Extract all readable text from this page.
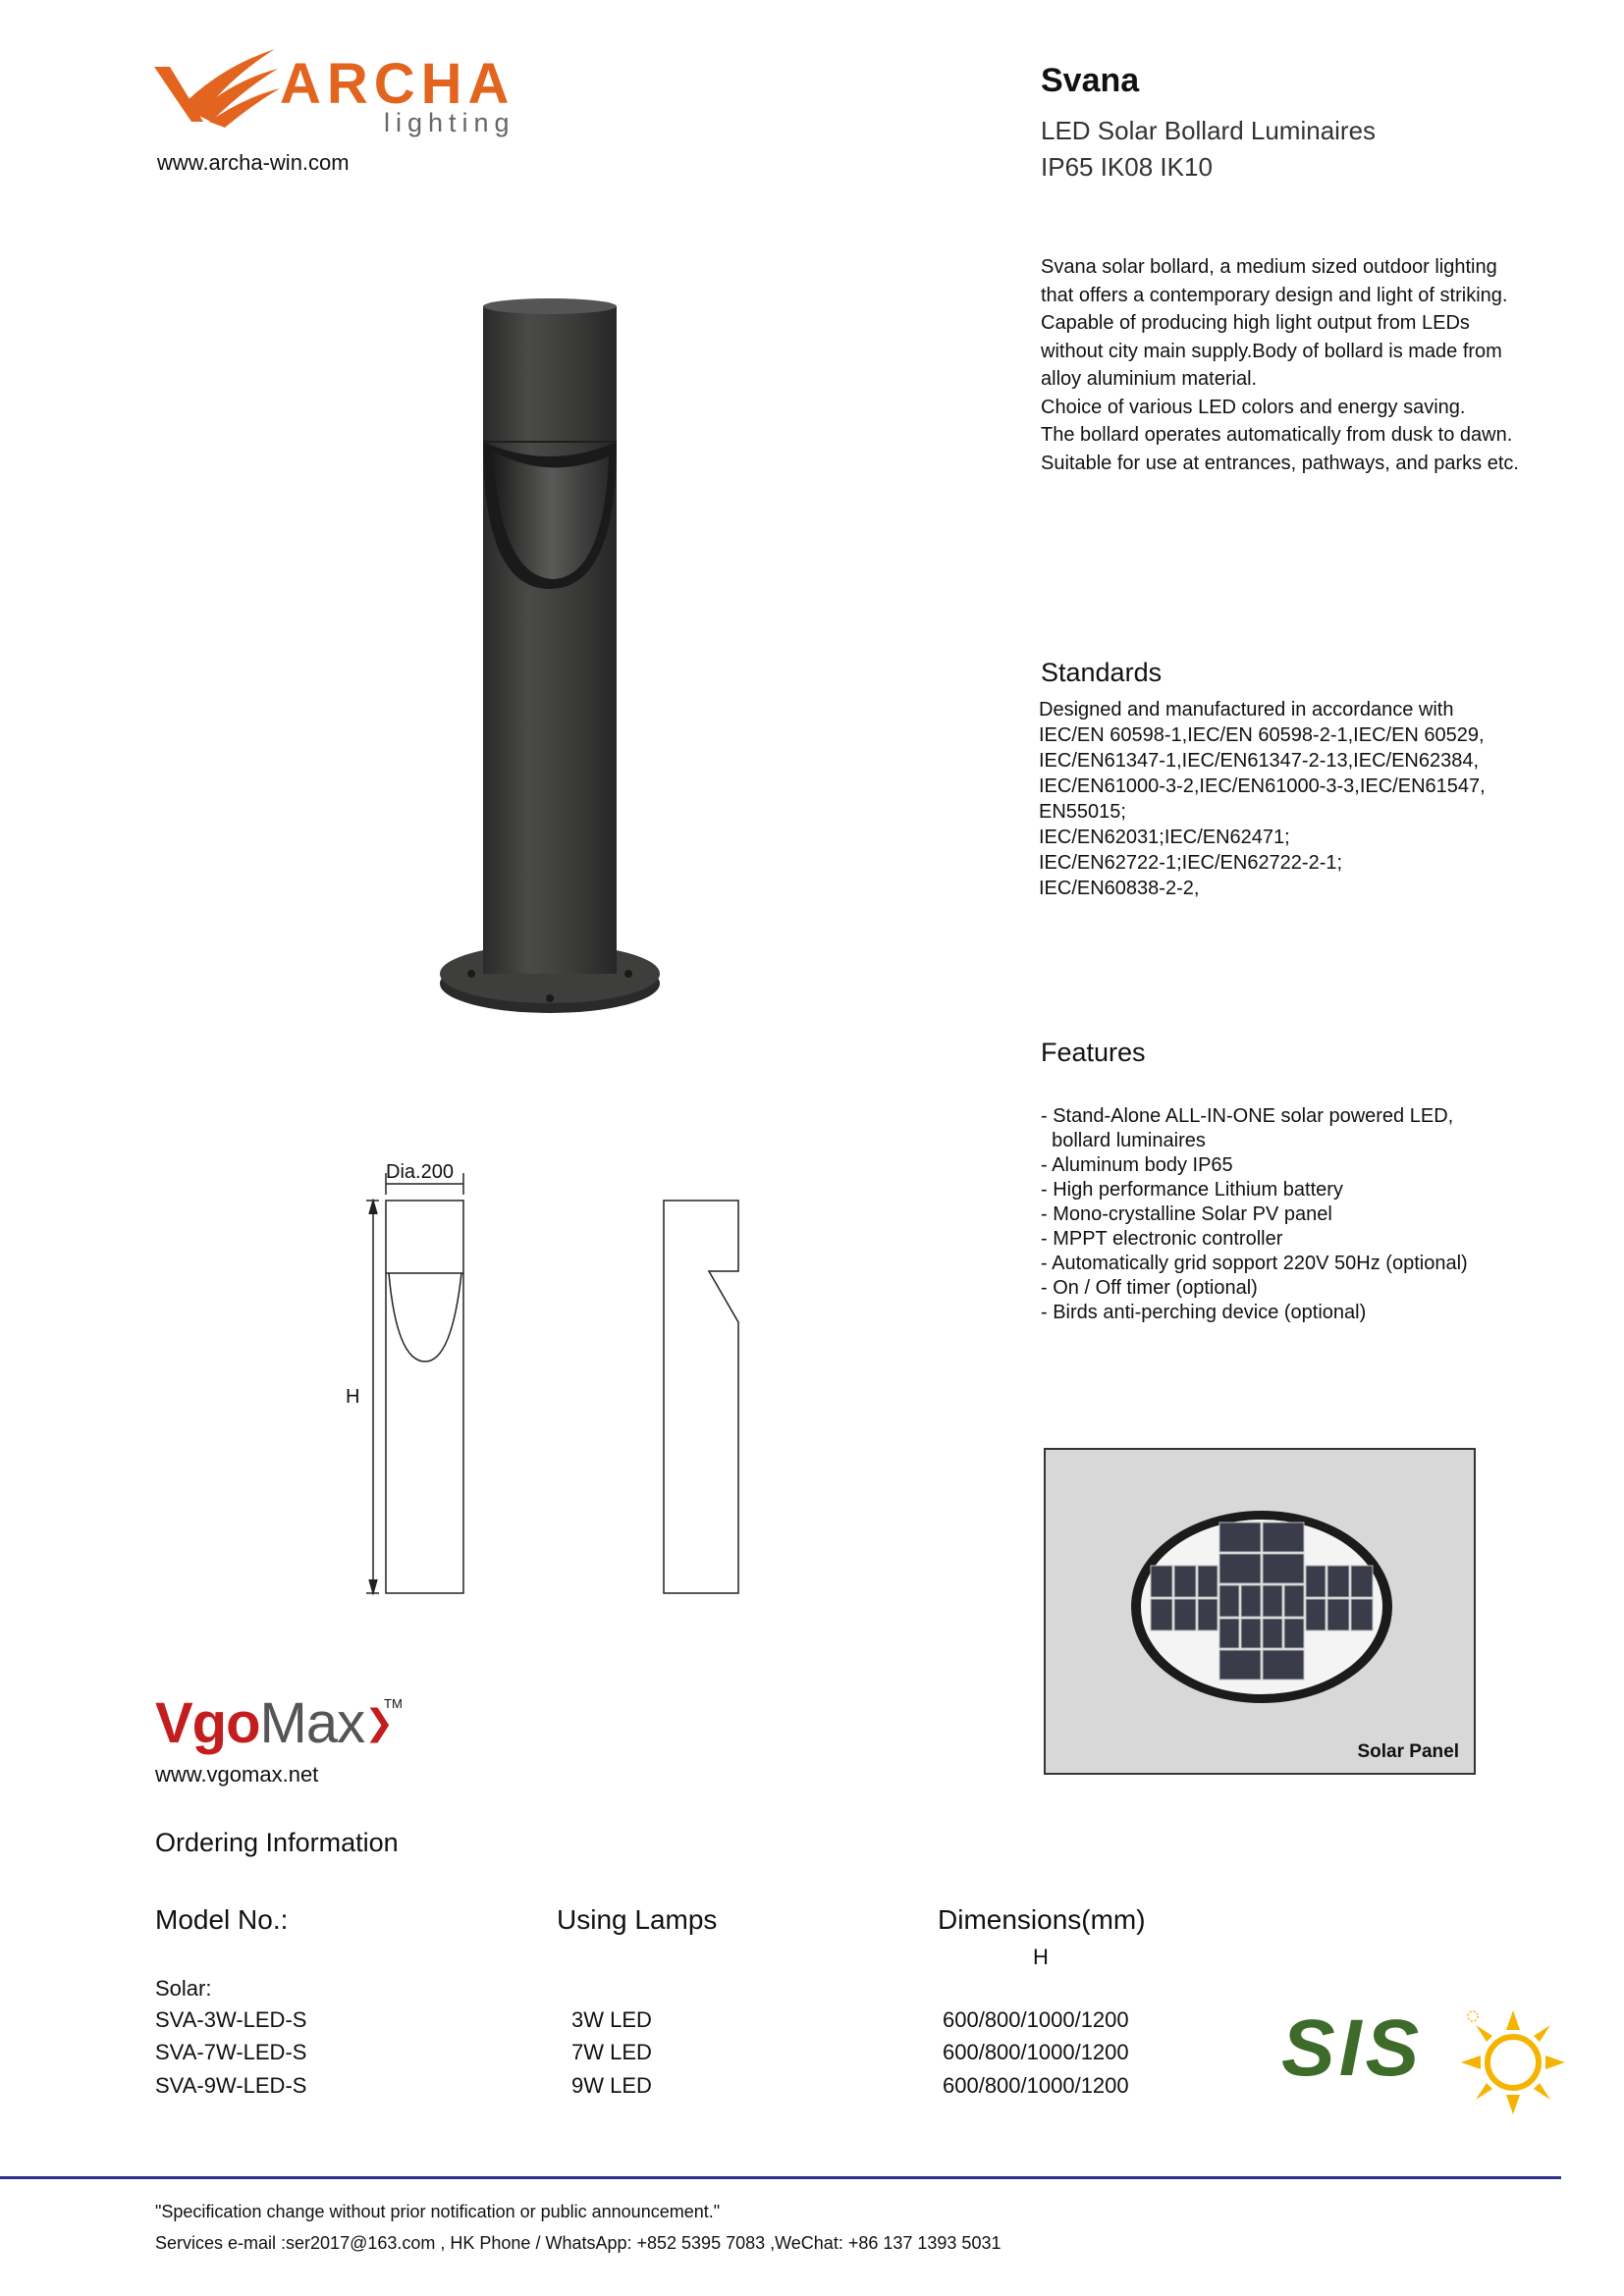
ARCHA
lighting
www.archa-win.com
Svana
LED Solar Bollard Luminaires
IP65 IK08 IK10

Svana solar bollard, a medium sized outdoor lighting

that offers a contemporary design and light of striking.

Capable of producing high light output from LEDs

without city main supply.Body of bollard is made from

alloy aluminium material.

Choice of various LED colors and energy saving.

The bollard operates automatically from dusk to dawn.

Suitable for use at entrances, pathways, and parks etc.

Standards

Designed and manufactured in accordance with

IEC/EN 60598-1,IEC/EN 60598-2-1,IEC/EN 60529,

IEC/EN61347-1,IEC/EN61347-2-13,IEC/EN62384,

IEC/EN61000-3-2,IEC/EN61000-3-3,IEC/EN61547,

EN55015;

IEC/EN62031;IEC/EN62471;

IEC/EN62722-1;IEC/EN62722-2-1;

IEC/EN60838-2-2,

Features
- Stand-Alone ALL-IN-ONE solar powered LED,
bollard luminaires
- Aluminum body IP65
- High performance Lithium battery
- Mono-crystalline Solar PV panel
- MPPT electronic controller
- Automatically grid sopport 220V 50Hz (optional)
- On / Off timer (optional)
- Birds anti-perching device (optional)
Dia.200
H
Solar Panel
VgoMax❯
TM
www.vgomax.net
Ordering Information
Model No.:	Using Lamps	Dimensions(mm)
H
Solar:
SVA-3W-LED-S	3W LED	600/800/1000/1200
SVA-7W-LED-S	7W LED	600/800/1000/1200
SVA-9W-LED-S	9W LED	600/800/1000/1200 SIS
"Specification change without prior notification or public announcement."
Services e-mail :ser2017@163.com , HK Phone / WhatsApp: +852 5395 7083 ,WeChat: +86 137 1393 5031
